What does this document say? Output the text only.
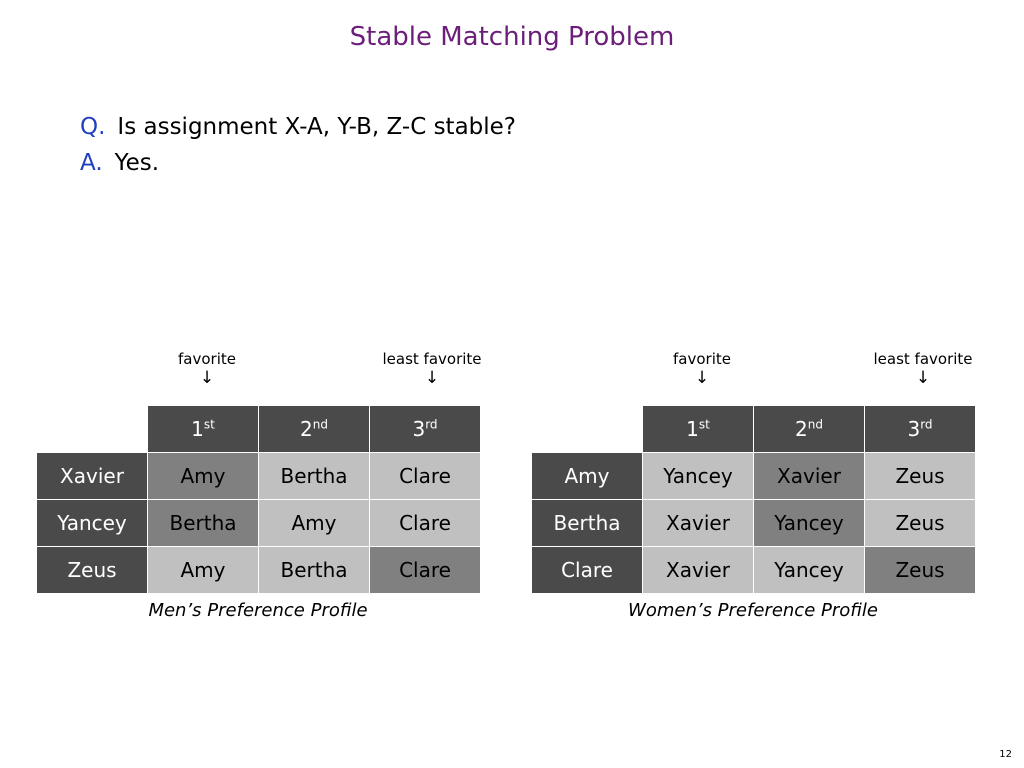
Stable Matching Problem
Q. Is assignment X-A, Y-B, Z-C stable?
A. Yes.
favorite
↓
least favorite
↓
	1st	2nd	3rd
Xavier	Amy	Bertha	Clare
Yancey	Bertha	Amy	Clare
Zeus	Amy	Bertha	Clare
Men’s Preference Profile
favorite
↓
least favorite
↓
	1st	2nd	3rd
Amy	Yancey	Xavier	Zeus
Bertha	Xavier	Yancey	Zeus
Clare	Xavier	Yancey	Zeus
Women’s Preference Profile
12
